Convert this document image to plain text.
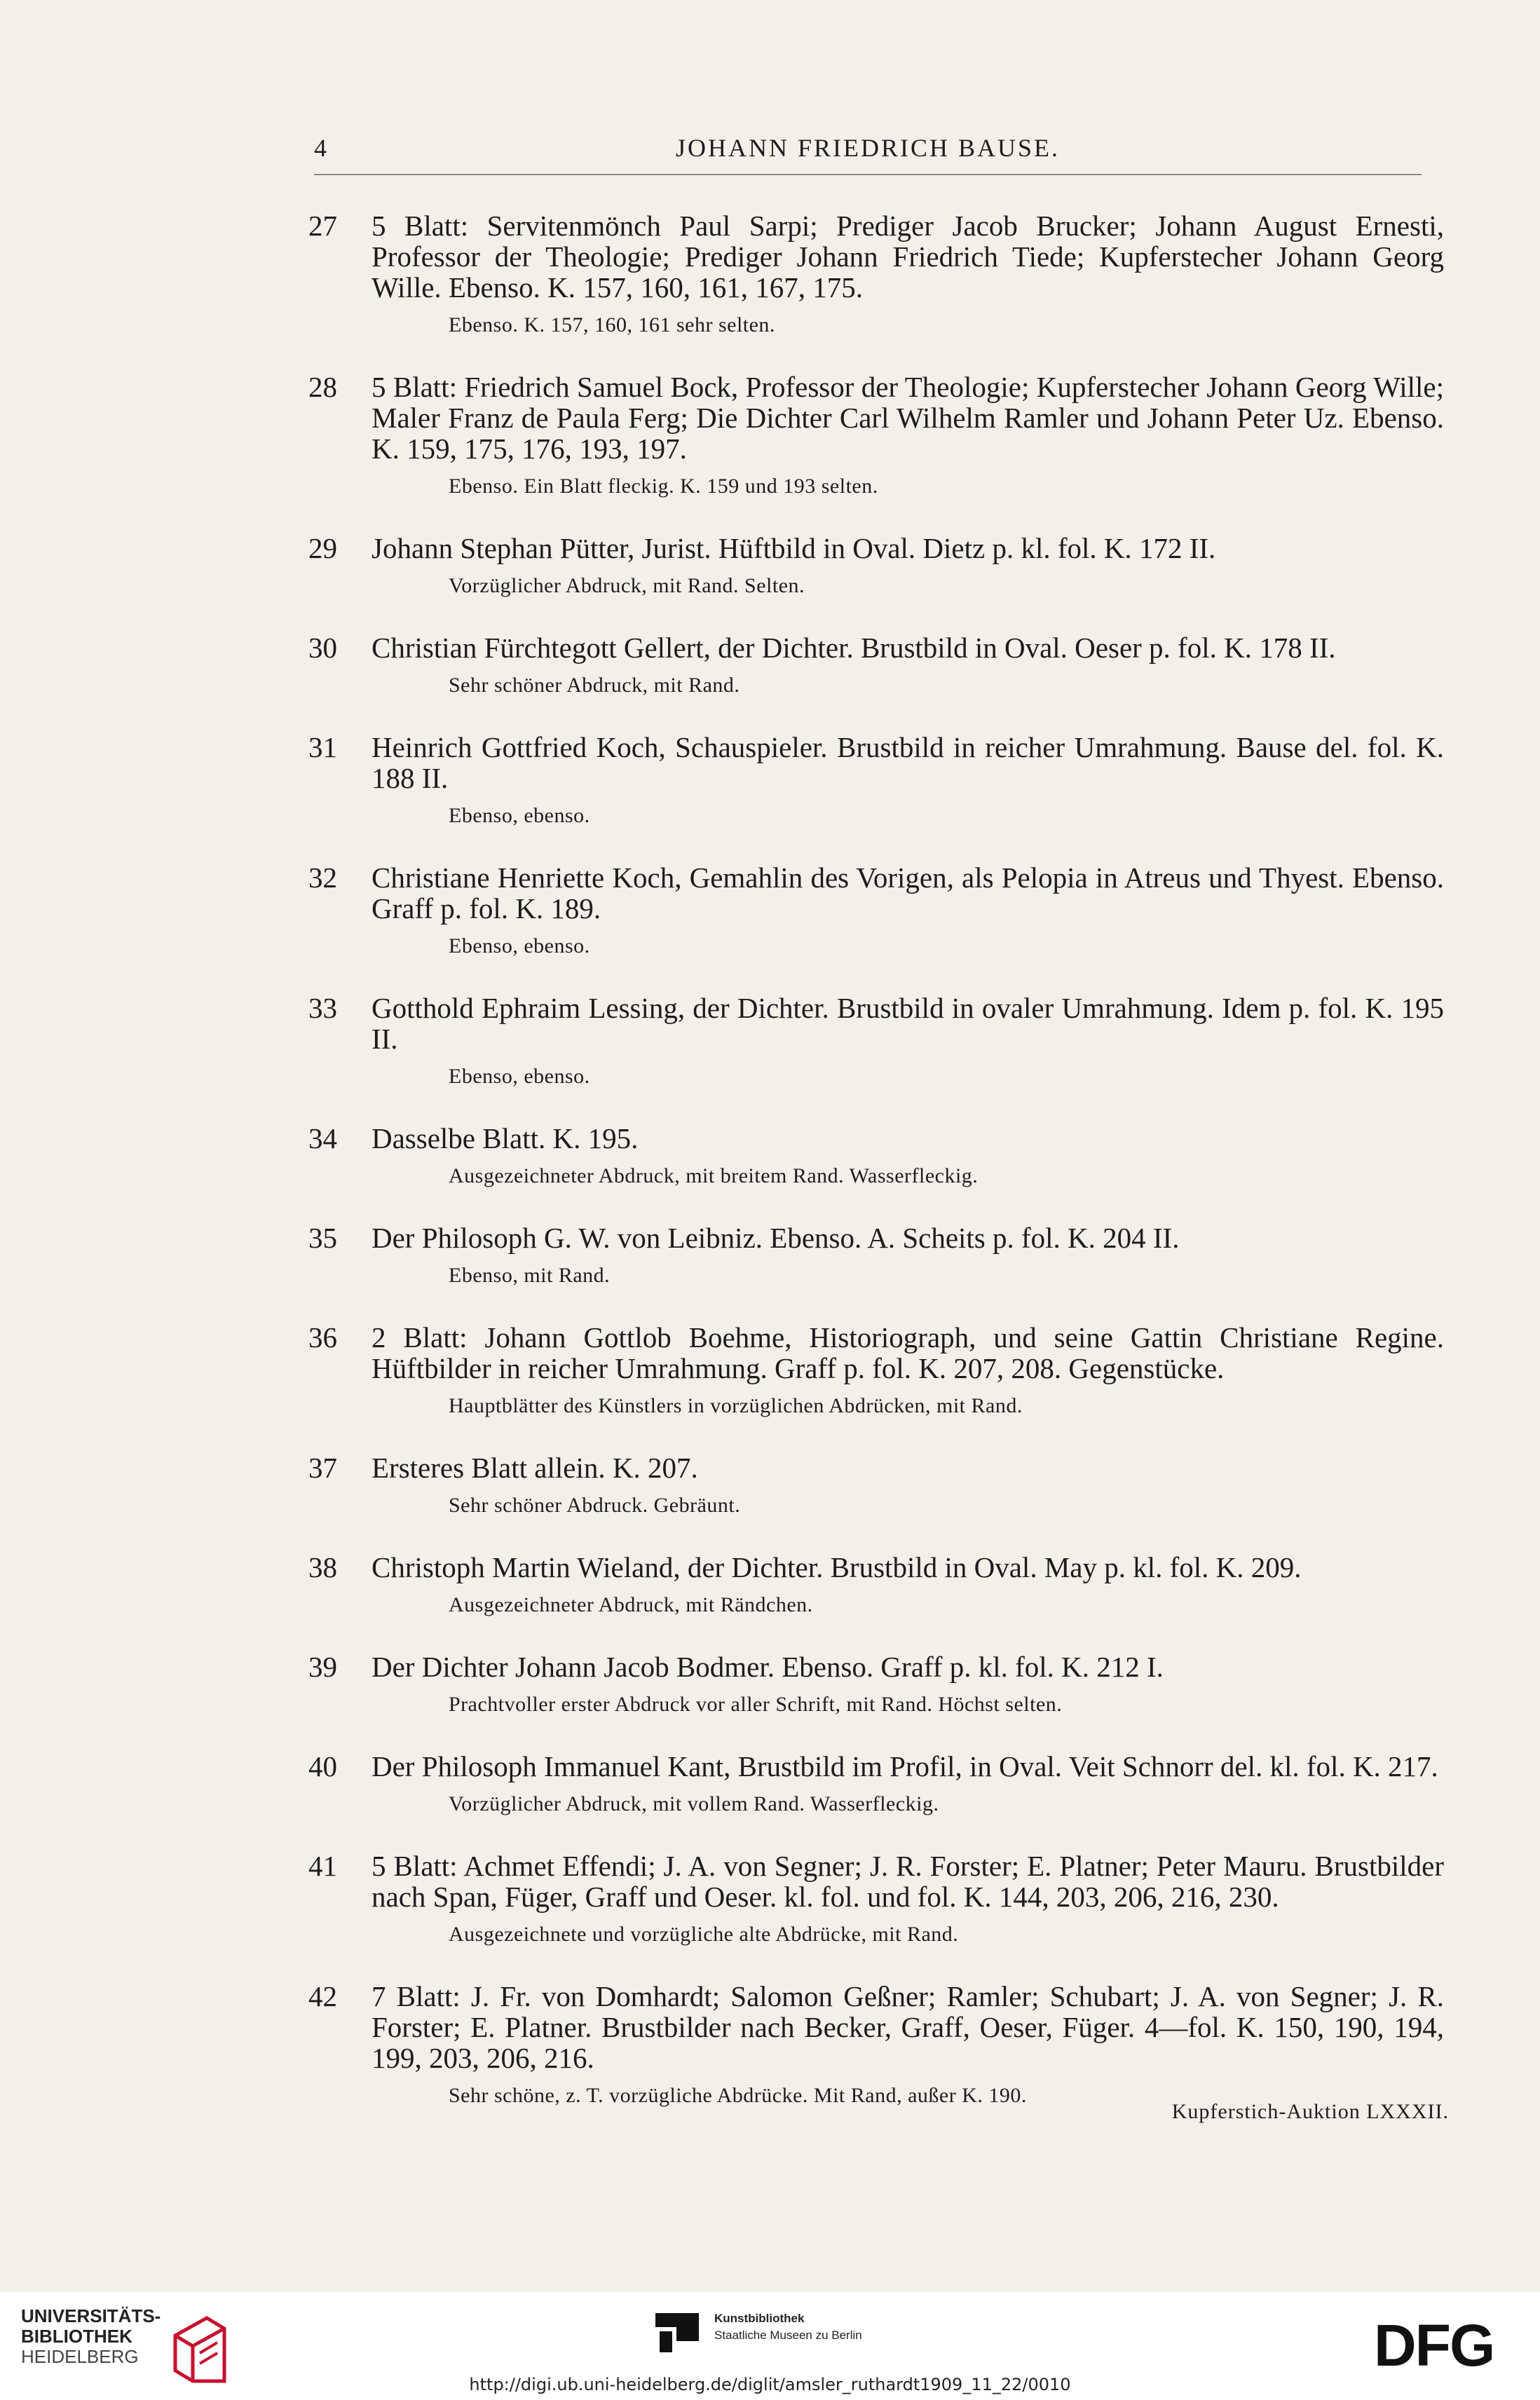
4	JOHANN FRIEDRICH BAUSE.
27	5 Blatt: Servitenmönch Paul Sarpi; Prediger Jacob Brucker; Johann August Ernesti, Professor der Theologie; Prediger Johann Friedrich Tiede; Kupferstecher Johann Georg Wille. Ebenso. K. 157, 160, 161, 167, 175.
Ebenso. K. 157, 160, 161 sehr selten.
28	5 Blatt: Friedrich Samuel Bock, Professor der Theologie; Kupferstecher Johann Georg Wille; Maler Franz de Paula Ferg; Die Dichter Carl Wilhelm Ramler und Johann Peter Uz. Ebenso. K. 159, 175, 176, 193, 197.
Ebenso. Ein Blatt fleckig. K. 159 und 193 selten.
29	Johann Stephan Pütter, Jurist. Hüftbild in Oval. Dietz p. kl. fol. K. 172 II.
Vorzüglicher Abdruck, mit Rand. Selten.
30	Christian Fürchtegott Gellert, der Dichter. Brustbild in Oval. Oeser p. fol. K. 178 II.
Sehr schöner Abdruck, mit Rand.
31	Heinrich Gottfried Koch, Schauspieler. Brustbild in reicher Umrahmung. Bause del. fol. K. 188 II.
Ebenso, ebenso.
32	Christiane Henriette Koch, Gemahlin des Vorigen, als Pelopia in Atreus und Thyest. Ebenso. Graff p. fol. K. 189.
Ebenso, ebenso.
33	Gotthold Ephraim Lessing, der Dichter. Brustbild in ovaler Umrahmung. Idem p. fol. K. 195 II.
Ebenso, ebenso.
34	Dasselbe Blatt. K. 195.
Ausgezeichneter Abdruck, mit breitem Rand. Wasserfleckig.
35	Der Philosoph G. W. von Leibniz. Ebenso. A. Scheits p. fol. K. 204 II.
Ebenso, mit Rand.
36	2 Blatt: Johann Gottlob Boehme, Historiograph, und seine Gattin Christiane Regine. Hüftbilder in reicher Umrahmung. Graff p. fol. K. 207, 208. Gegenstücke.
Hauptblätter des Künstlers in vorzüglichen Abdrücken, mit Rand.
37	Ersteres Blatt allein. K. 207.
Sehr schöner Abdruck. Gebräunt.
38	Christoph Martin Wieland, der Dichter. Brustbild in Oval. May p. kl. fol. K. 209.
Ausgezeichneter Abdruck, mit Rändchen.
39	Der Dichter Johann Jacob Bodmer. Ebenso. Graff p. kl. fol. K. 212 I.
Prachtvoller erster Abdruck vor aller Schrift, mit Rand. Höchst selten.
40	Der Philosoph Immanuel Kant, Brustbild im Profil, in Oval. Veit Schnorr del. kl. fol. K. 217.
Vorzüglicher Abdruck, mit vollem Rand. Wasserfleckig.
41	5 Blatt: Achmet Effendi; J. A. von Segner; J. R. Forster; E. Platner; Peter Mauru. Brustbilder nach Span, Füger, Graff und Oeser. kl. fol. und fol. K. 144, 203, 206, 216, 230.
Ausgezeichnete und vorzügliche alte Abdrücke, mit Rand.
42	7 Blatt: J. Fr. von Domhardt; Salomon Geßner; Ramler; Schubart; J. A. von Segner; J. R. Forster; E. Platner. Brustbilder nach Becker, Graff, Oeser, Füger. 4—fol. K. 150, 190, 194, 199, 203, 206, 216.
Sehr schöne, z. T. vorzügliche Abdrücke. Mit Rand, außer K. 190.
Kupferstich-Auktion LXXXII.
UNIVERSITÄTS-
BIBLIOTHEK
HEIDELBERG
Kunstbibliothek
Staatliche Museen zu Berlin	DFG
http://digi.ub.uni-heidelberg.de/diglit/amsler_ruthardt1909_11_22/0010
